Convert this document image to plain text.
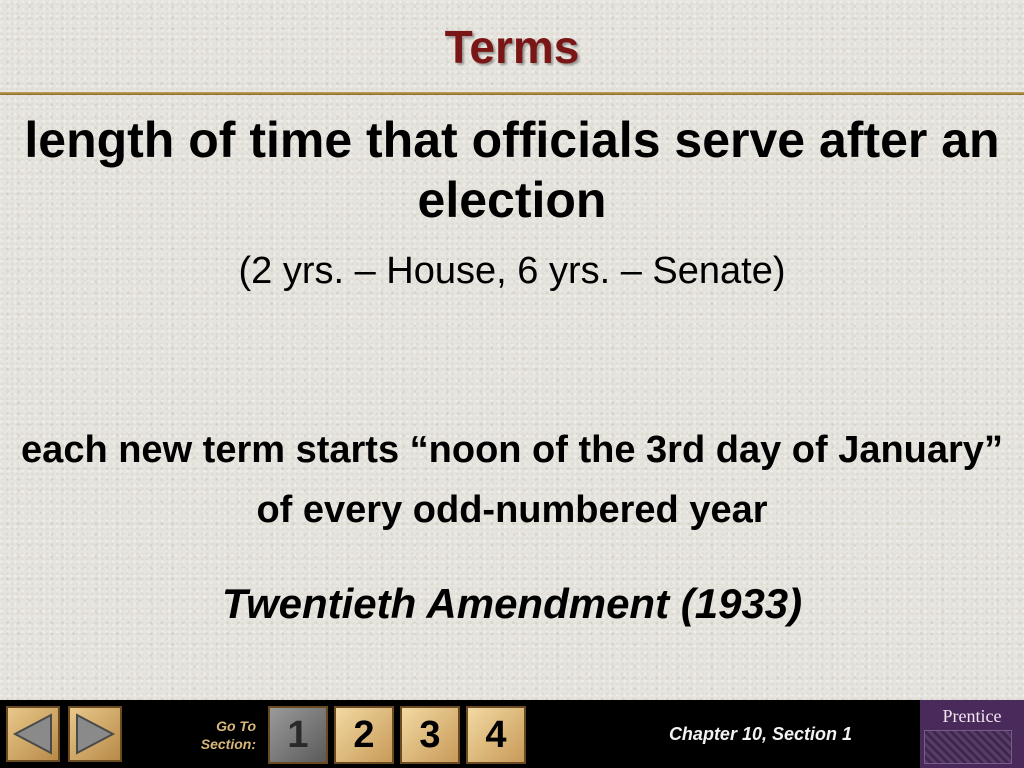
Terms
length of time that officials serve after an election
(2 yrs. – House, 6 yrs. – Senate)
each new term starts “noon of the 3rd day of January” of every odd-numbered year
Twentieth Amendment (1933)
Go To
Section: 1	2	3	4	Chapter 10, Section 1
Prentice
